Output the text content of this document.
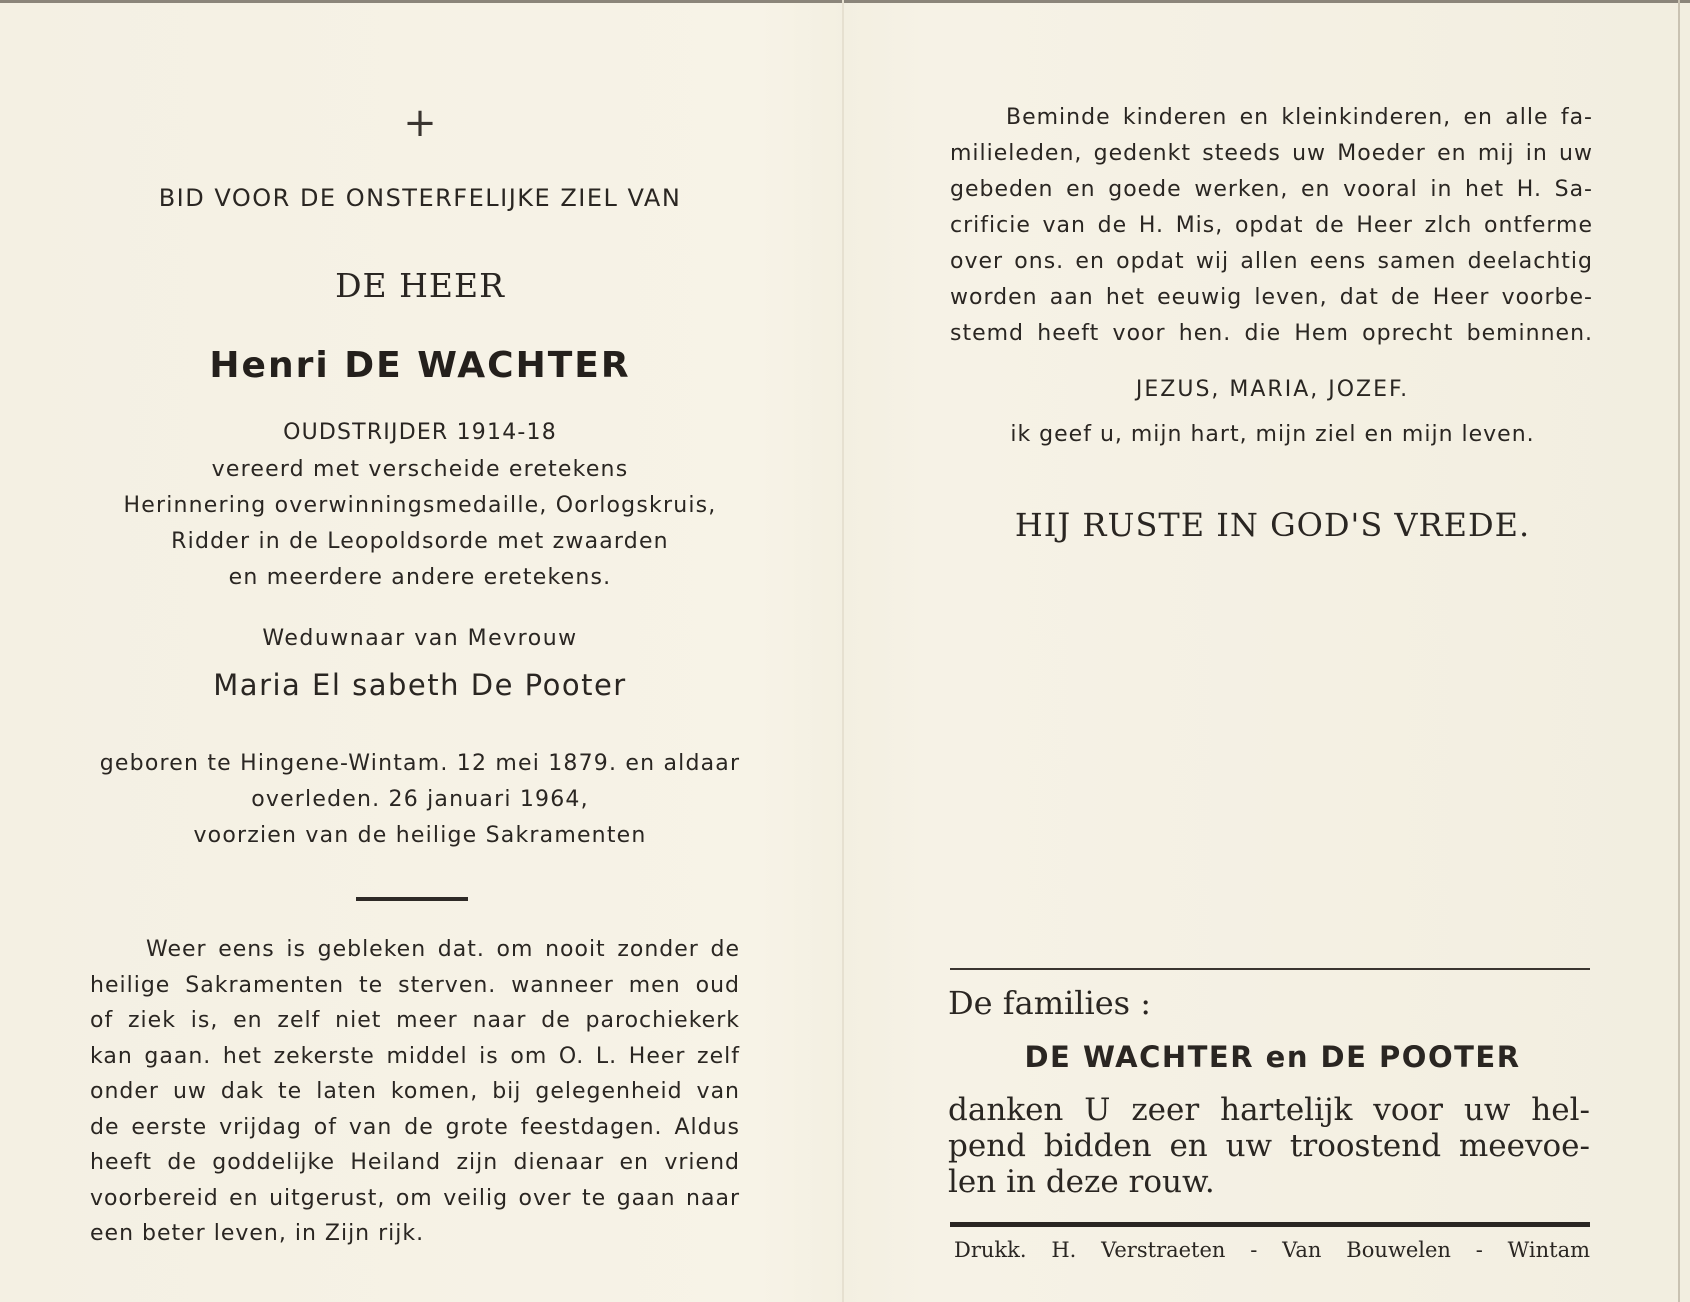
+
BID VOOR DE ONSTERFELIJKE ZIEL VAN
DE HEER
Henri DE WACHTER
OUDSTRIJDER 1914-18
vereerd met verscheide eretekens
Herinnering overwinningsmedaille, Oorlogskruis,
Ridder in de Leopoldsorde met zwaarden
en meerdere andere eretekens.
Weduwnaar van Mevrouw
Maria El sabeth De Pooter
geboren te Hingene-Wintam. 12 mei 1879. en aldaar
overleden. 26 januari 1964,
voorzien van de heilige Sakramenten
Weer eens is gebleken dat. om nooit zonder de
heilige Sakramenten te sterven. wanneer men oud
of ziek is, en zelf niet meer naar de parochiekerk
kan gaan. het zekerste middel is om O. L. Heer zelf
onder uw dak te laten komen, bij gelegenheid van
de eerste vrijdag of van de grote feestdagen. Aldus
heeft de goddelijke Heiland zijn dienaar en vriend
voorbereid en uitgerust, om veilig over te gaan naar
een beter leven, in Zijn rijk.
Beminde kinderen en kleinkinderen, en alle fa-
milieleden, gedenkt steeds uw Moeder en mij in uw
gebeden en goede werken, en vooral in het H. Sa-
crificie van de H. Mis, opdat de Heer zlch ontferme
over ons. en opdat wij allen eens samen deelachtig
worden aan het eeuwig leven, dat de Heer voorbe-
stemd heeft voor hen. die Hem oprecht beminnen.
JEZUS, MARIA, JOZEF.
ik geef u, mijn hart, mijn ziel en mijn leven.
HIJ RUSTE IN GOD'S VREDE.
De families :
DE WACHTER en DE POOTER
danken U zeer hartelijk voor uw hel-
pend bidden en uw troostend meevoe-
len in deze rouw.
Drukk. H. Verstraeten - Van Bouwelen - Wintam
